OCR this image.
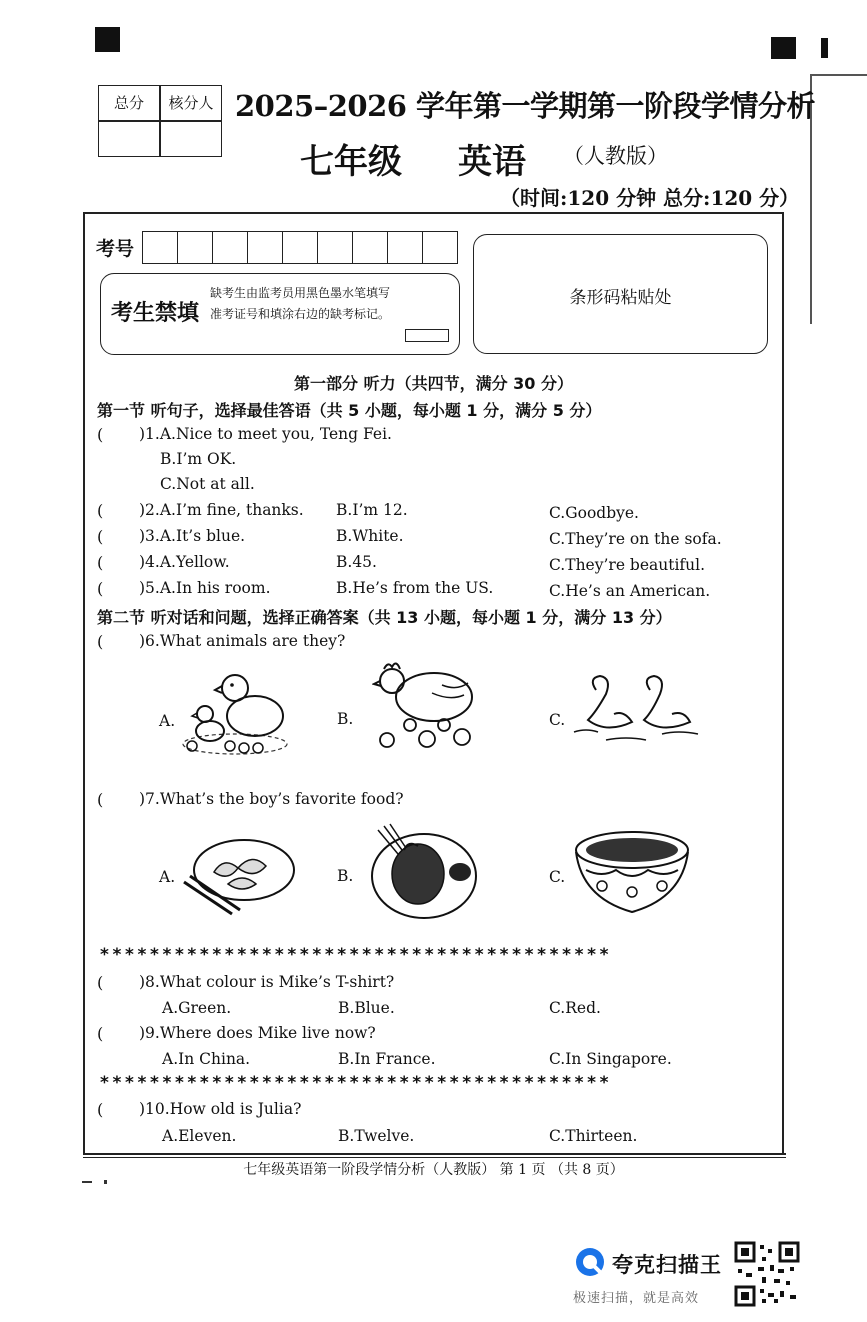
总分	核分人 2025–2026 学年第一学期第一阶段学情分析
七年级 英语 （人教版）
（时间:120 分钟 总分:120 分）
考号
考生禁填
缺考生由监考员用黑色墨水笔填写准考证号和填涂右边的缺考标记。
条形码粘贴处
第一部分 听力（共四节，满分 30 分）
第一节 听句子，选择最佳答语（共 5 小题，每小题 1 分，满分 5 分）
( )1.A.Nice to meet you, Teng Fei.
B.I’m OK.
C.Not at all.
( )2.A.I’m fine, thanks. B.I’m 12.	C.Goodbye.
( )3.A.It’s blue.	B.White.	C.They’re on the sofa.
( )4.A.Yellow.	B.45.	C.They’re beautiful.
( )5.A.In his room.	B.He’s from the US.	C.He’s an American.
第二节 听对话和问题，选择正确答案（共 13 小题，每小题 1 分，满分 13 分）
( )6.What animals are they?
A.	B.	C.
( )7.What’s the boy’s favorite food?
A.	B.	C.
*****************************************
( )8.What colour is Mike’s T-shirt?
A.Green.	B.Blue.	C.Red.
( )9.Where does Mike live now?
A.In China.	B.In France.	C.In Singapore.
*****************************************
( )10.How old is Julia?
A.Eleven.	B.Twelve.	C.Thirteen.
七年级英语第一阶段学情分析（人教版） 第 1 页 （共 8 页）
夸克扫描王
极速扫描，就是高效
